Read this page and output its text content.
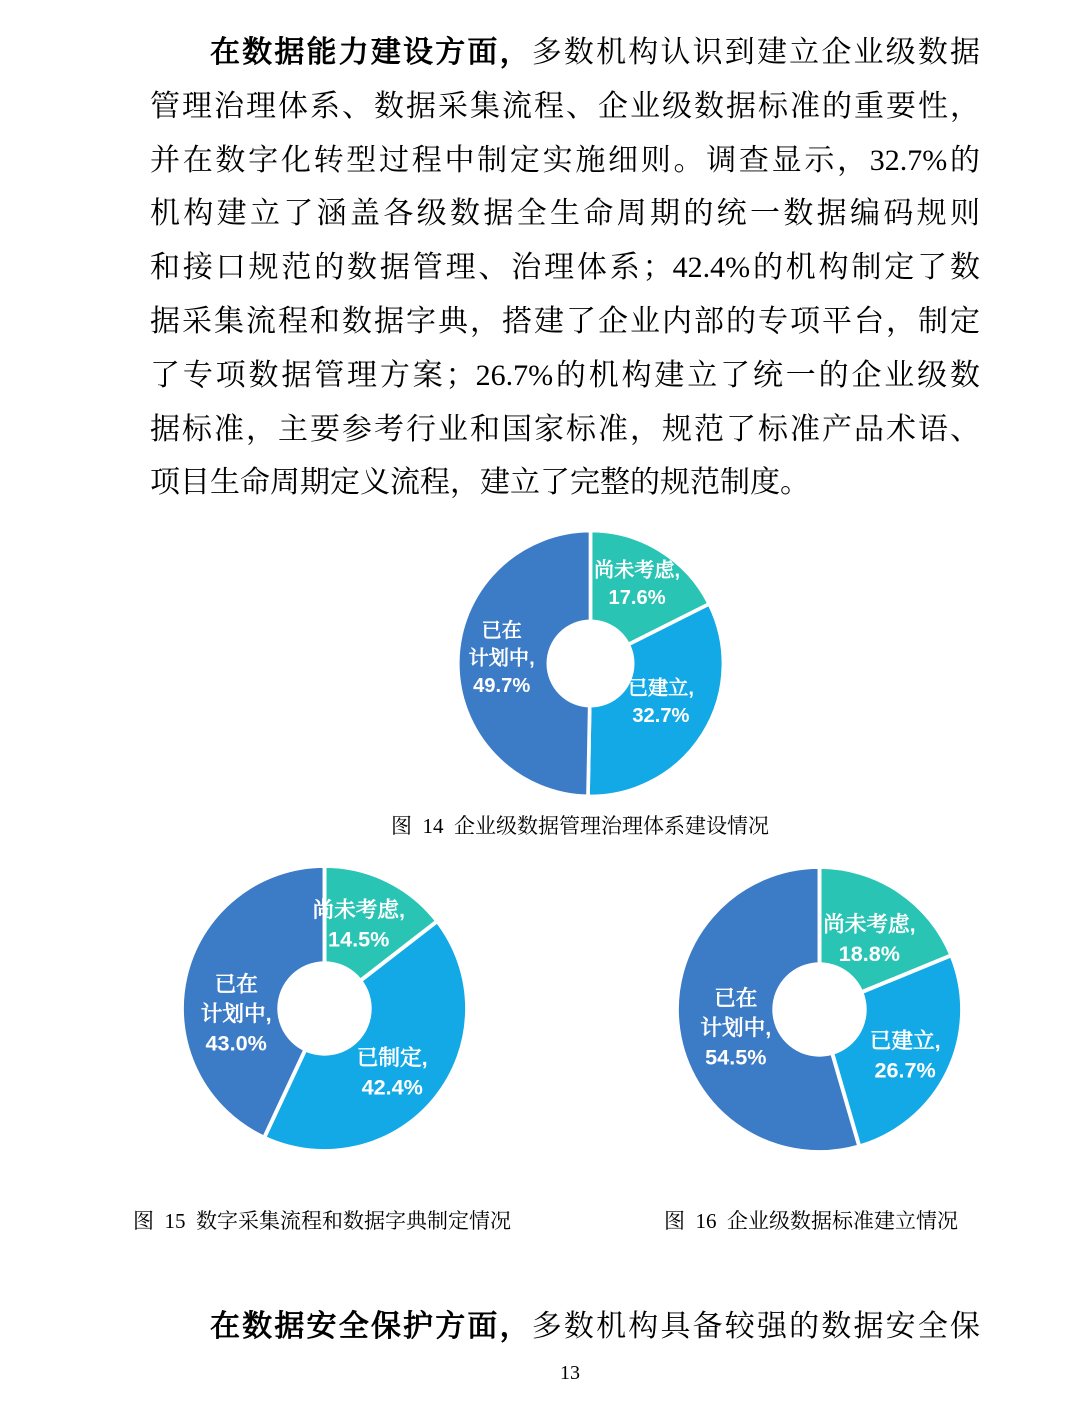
在数据能力建设方面，多数机构认识到建立企业级数据
管理治理体系、数据采集流程、企业级数据标准的重要性，
并在数字化转型过程中制定实施细则。调查显示，32.7%的
机构建立了涵盖各级数据全生命周期的统一数据编码规则
和接口规范的数据管理、治理体系；42.4%的机构制定了数
据采集流程和数据字典，搭建了企业内部的专项平台，制定
了专项数据管理方案；26.7%的机构建立了统一的企业级数
据标准，主要参考行业和国家标准，规范了标准产品术语、
项目生命周期定义流程，建立了完整的规范制度。
尚未考虑, 17.6%
已建立, 32.7%
已在计划中, 49.7%
图  14  企业级数据管理治理体系建设情况
尚未考虑, 14.5%
已制定, 42.4%
已在计划中, 43.0%
图  15  数字采集流程和数据字典制定情况
尚未考虑, 18.8%
已建立, 26.7%
已在计划中, 54.5%
图  16  企业级数据标准建立情况
在数据安全保护方面，多数机构具备较强的数据安全保
13
